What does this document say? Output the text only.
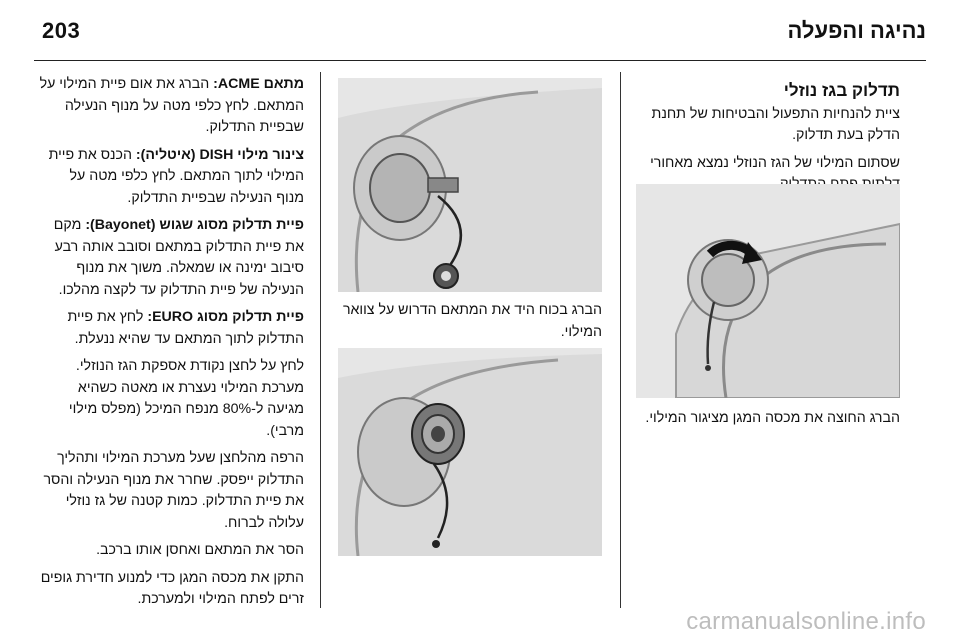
203	נהיגה והפעלה
תדלוק בגז נוזלי

ציית להנחיות התפעול והבטיחות של תחנת הדלק בעת תדלוק.

שסתום המילוי של הגז הנוזלי נמצא מאחורי

הברג החוצה את מכסה המגן מציגור המילוי.

הברג בכוח היד את המתאם הדרוש על צוואר המילוי.

מתאם ACME: הברג את אום פיית המילוי על המתאם. לחץ כלפי מטה על מנוף הנעילה שבפיית התדלוק.

צינור מילוי DISH (איטליה): הכנס את פיית המילוי לתוך המתאם. לחץ כלפי מטה על מנוף הנעילה שבפיית התדלוק.

פיית תדלוק מסוג שגוש (Bayonet): מקם את פיית התדלוק במתאם וסובב אותה רבע סיבוב ימינה או שמאלה. משוך את מנוף הנעילה של פיית התדלוק עד לקצה מהלכו.

פיית תדלוק מסוג EURO: לחץ את פיית התדלוק לתוך המתאם עד שהיא ננעלת.

לחץ על לחצן נקודת אספקת הגז הנוזלי. מערכת המילוי נעצרת או מאטה כשהיא מגיעה ל-80% מנפח המיכל (מפלס מילוי מרבי).

הרפה מהלחצן שעל מערכת המילוי ותהליך התדלוק ייפסק. שחרר את מנוף הנעילה והסר את פיית התדלוק. כמות קטנה של גז נוזלי עלולה לברוח.

הסר את המתאם ואחסן אותו ברכב.

התקן את מכסה המגן כדי למנוע חדירת גופים זרים לפתח המילוי ולמערכת.

carmanualsonline.info
